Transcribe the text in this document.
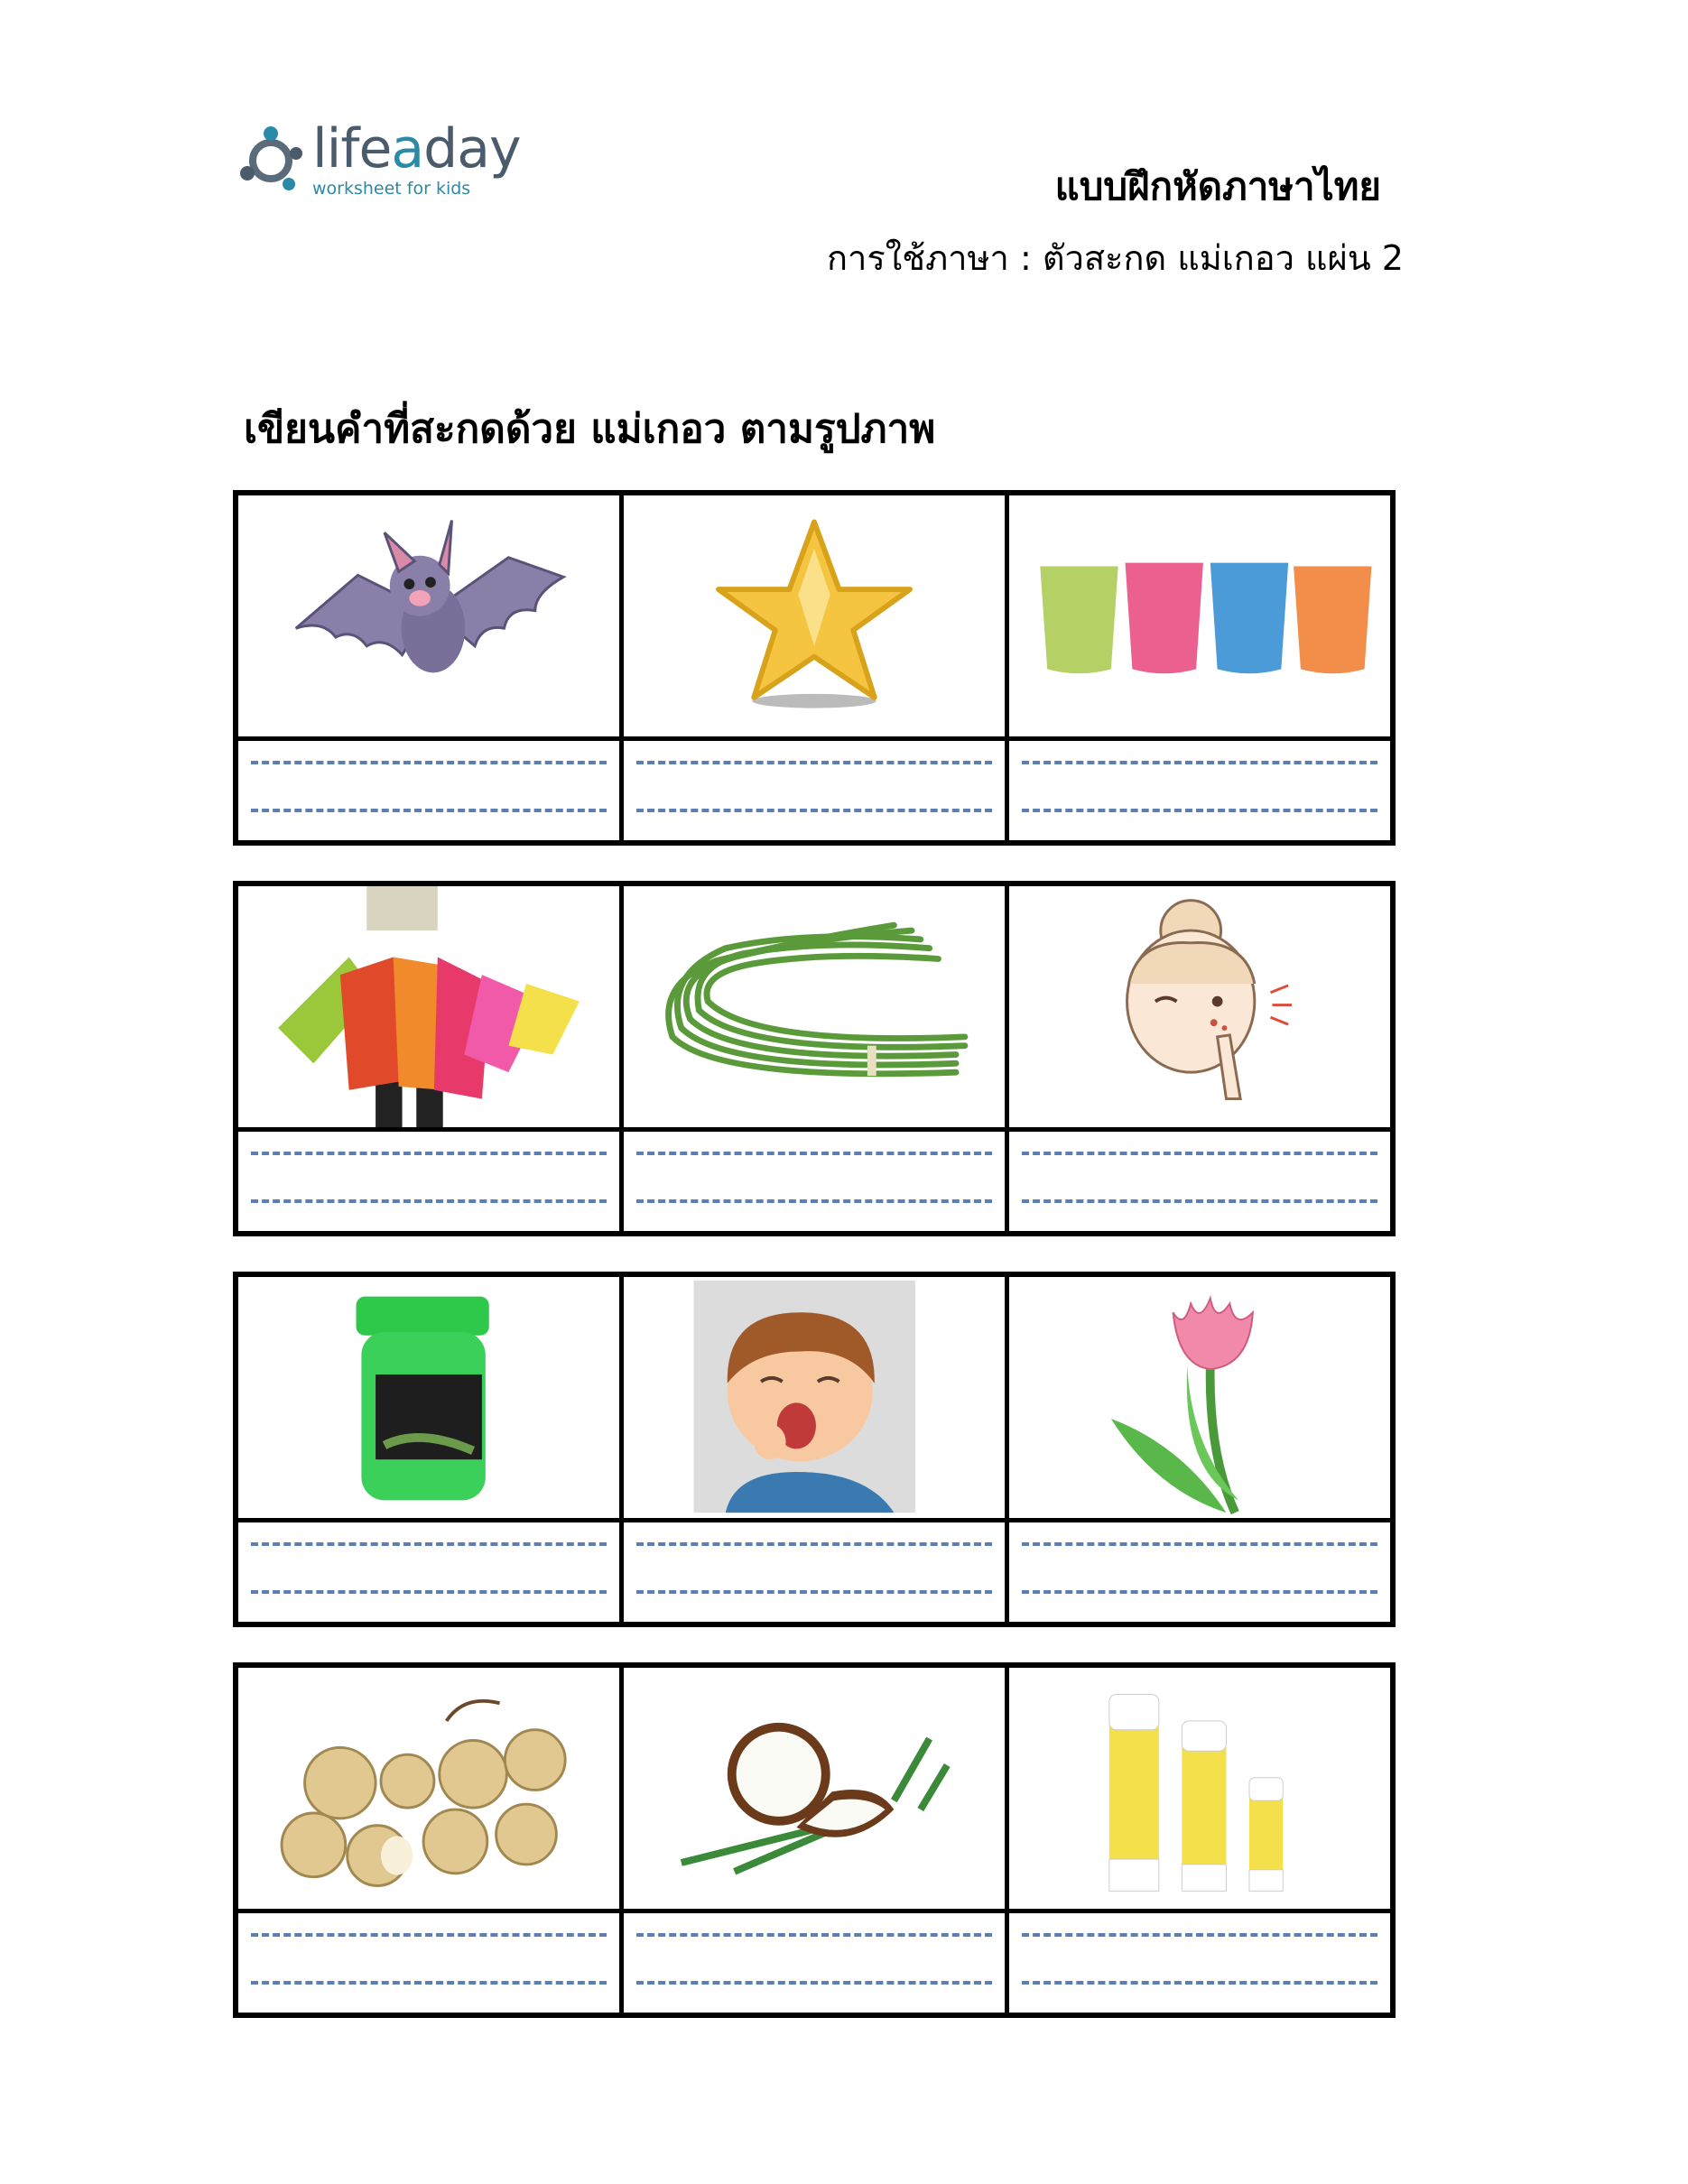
lifeaday
worksheet for kids	แบบฝึกหัดภาษาไทย
การใช้ภาษา : ตัวสะกด แม่เกอว แผ่น 2
เขียนคำที่สะกดด้วย แม่เกอว ตามรูปภาพ
